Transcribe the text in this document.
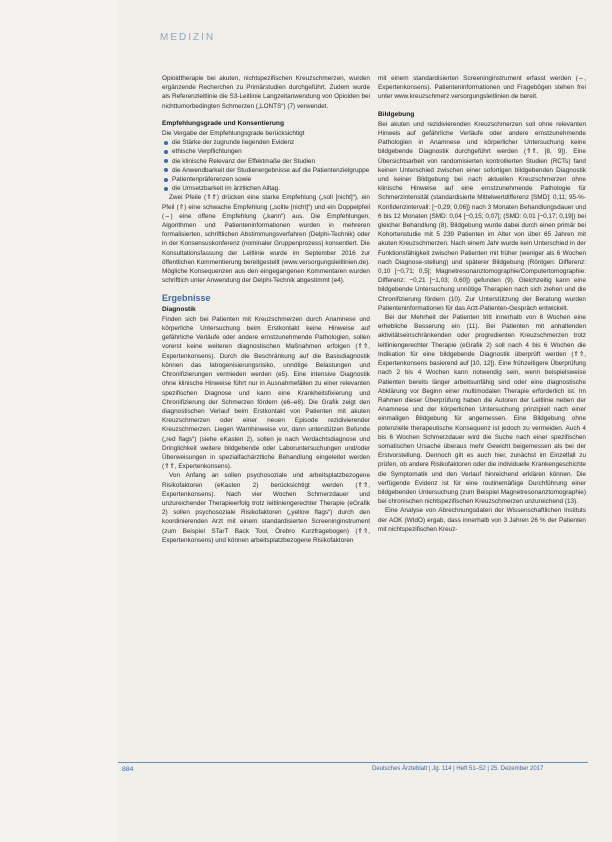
MEDIZIN

Opioidtherapie bei akuten, nichtspezifischen Kreuzschmerzen, wurden ergänzende Recherchen zu Primärstudien durchgeführt. Zudem wurde als Referenzleitlinie die S3-Leitlinie Langzeitanwendung von Opioiden bei nichttumorbedingten Schmerzen („LONTS“) (7) verwendet.

Empfehlungsgrade und Konsentierung

Die Vergabe der Empfehlungsgrade berücksichtigt

die Stärke der zugrunde liegenden Evidenz
ethische Verpflichtungen
die klinische Relevanz der Effektmaße der Studien
die Anwendbarkeit der Studienergebnisse auf die Patientenzielgruppe
Patientenpräferenzen sowie
die Umsetzbarkeit im ärztlichen Alltag.

Zwei Pfeile (⇑⇑) drücken eine starke Empfehlung („soll [nicht]“), ein Pfeil (⇑) eine schwache Empfehlung („sollte [nicht]“) und ein Doppelpfeil (⇔) eine offene Empfehlung („kann“) aus. Die Empfehlungen, Algorithmen und Patienteninformationen wurden in mehreren formalisierten, schriftlichen Abstimmungsverfahren (Delphi-Technik) oder in der Konsensuskonferenz (nominaler Gruppenprozess) konsentiert. Die Konsultationsfassung der Leitlinie wurde im September 2016 zur öffentlichen Kommentierung bereitgestellt (www.versorgungsleitlinien.de). Mögliche Konsequenzen aus den eingegangenen Kommentaren wurden schriftlich unter Anwendung der Delphi-Technik abgestimmt (e4).

Ergebnisse
Diagnostik

Finden sich bei Patienten mit Kreuzschmerzen durch Anamnese und körperliche Untersuchung beim Erstkontakt keine Hinweise auf gefährliche Verläufe oder andere ernstzunehmende Pathologien, sollen vorerst keine weiteren diagnostischen Maßnahmen erfolgen (⇑⇑, Expertenkonsens). Durch die Beschränkung auf die Basisdiagnostik können das Iatrogenisierungsrisiko, unnötige Belastungen und Chronifizierungen vermieden werden (e5). Eine intensive Diagnostik ohne klinische Hinweise führt nur in Ausnahmefällen zu einer relevanten spezifischen Diagnose und kann eine Krankheitsfixierung und Chronifizierung der Schmerzen fördern (e6–e8). Die Grafik zeigt den diagnostischen Verlauf beim Erstkontakt von Patienten mit akuten Kreuzschmerzen oder einer neuen Episode rezidivierender Kreuzschmerzen. Liegen Warnhinweise vor, dann unterstützen Befunde („red flags“) (siehe eKasten 2), sollen je nach Verdachtsdiagnose und Dringlichkeit weitere bildgebende oder Laboruntersuchungen und/oder Überweisungen in spezialfachärztliche Behandlung eingeleitet werden (⇑⇑, Expertenkonsens).

Von Anfang an sollen psychosoziale und arbeitsplatzbezogene Risikofaktoren (eKasten 2) berücksichtigt werden (⇑⇑, Expertenkonsens). Nach vier Wochen Schmerzdauer und unzureichender Therapieerfolg trotz leitliniengerechter Therapie (eGrafik 2) sollen psychosoziale Risikofaktoren („yellow flags“) durch den koordinierenden Arzt mit einem standardisierten Screeninginstrument (zum Beispiel STarT Back Tool, Örebro Kurzfragebogen) (⇑⇑, Expertenkonsens) und können arbeitsplatzbezogene Risikofaktoren

mit einem standardisierten Screeninginstrument erfasst werden (⇔, Expertenkonsens). Patienteninformationen und Fragebögen stehen frei unter www.kreuzschmerz.versorgungsleitlinien.de bereit.

Bildgebung

Bei akuten und rezidivierenden Kreuzschmerzen soll ohne relevanten Hinweis auf gefährliche Verläufe oder andere ernstzunehmende Pathologien in Anamnese und körperlicher Untersuchung keine bildgebende Diagnostik durchgeführt werden (⇑⇑, [8, 9]). Eine Übersichtsarbeit von randomisierten kontrollierten Studien (RCTs) fand keinen Unterschied zwischen einer sofortigen bildgebenden Diagnostik und keiner Bildgebung bei nach aktuellen Kreuzschmerzen ohne klinische Hinweise auf eine ernstzunehmende Pathologie für Schmerzintensität (standardisierte Mittelwertdifferenz [SMD]: 0,11; 95-%-Konfidenzintervall: [−0,29; 0,06]) nach 3 Monaten Behandlungsdauer und 6 bis 12 Monaten (SMD: 0,04 [−0,15; 0,07]; (SMD: 0,01 [−0,17; 0,19]) bei gleicher Behandlung (8). Bildgebung wurde dabei durch einen primär bei Kohortenstudie mit 5 239 Patienten im Alter von über 65 Jahren mit akuten Kreuzschmerzen. Nach einem Jahr wurde kein Unterschied in der Funktionsfähigkeit zwischen Patienten mit früher (weniger als 6 Wochen nach Diagnose-stellung) und späterer Bildgebung (Röntgen: Differenz: 0,10 [−0,71; 0,5]; Magnetresonanztomographie/Computertomographie: Differenz: −0,21 [−1,03; 0,60]) gefunden (9). Gleichzeitig kann eine bildgebende Untersuchung unnötige Therapien nach sich ziehen und die Chronifizierung fördern (10). Zur Unterstützung der Beratung wurden Patienteninformationen für das Arzt-Patienten-Gespräch entwickelt.

Bei der Mehrheit der Patienten tritt innerhalb von 6 Wochen eine erhebliche Besserung ein (11). Bei Patienten mit anhaltenden aktivitätseinschränkenden oder progredienten Kreuzschmerzen trotz leitliniengerechter Therapie (eGrafik 2) soll nach 4 bis 6 Wochen die Indikation für eine bildgebende Diagnostik überprüft werden (⇑⇑, Expertenkonsens basierend auf [10, 12]). Eine frühzeitigere Überprüfung nach 2 bis 4 Wochen kann notwendig sein, wenn beispielsweise Patienten bereits länger arbeitsunfähig sind oder eine diagnostische Abklärung vor Beginn einer multimodalen Therapie erforderlich ist. Im Rahmen dieser Überprüfung haben die Autoren der Leitlinie neben der Anamnese und der körperlichen Untersuchung prinzipiell nach einer einmaligen Bildgebung für angemessen. Eine Bildgebung ohne potenzielle therapeutische Konsequenz ist jedoch zu vermeiden. Auch 4 bis 6 Wochen Schmerzdauer wird die Suche nach einer spezifischen somatischen Ursache überaus mehr Gewicht beigemessen als bei der Erstvorstellung. Dennoch gilt es auch hier, zunächst im Einzelfall zu prüfen, ob andere Risikofaktoren oder die individuelle Krankengeschichte die Symptomatik und den Verlauf hinreichend erklären können. Die verfügende Evidenz ist für eine routinemäßige Durchführung einer bildgebenden Untersuchung (zum Beispiel Magnetresonanztomographie) bei chronischen nichtspezifischen Kreuzschmerzen unzureichend (13).

Eine Analyse von Abrechnungsdaten der Wissenschaftlichen Instituts der AOK (WIdO) ergab, dass innerhalb von 3 Jahren 26 % der Patienten mit nichtspezifischen Kreuz-

884	Deutsches Ärzteblatt | Jg. 114 | Heft 51–52 | 25. Dezember 2017
